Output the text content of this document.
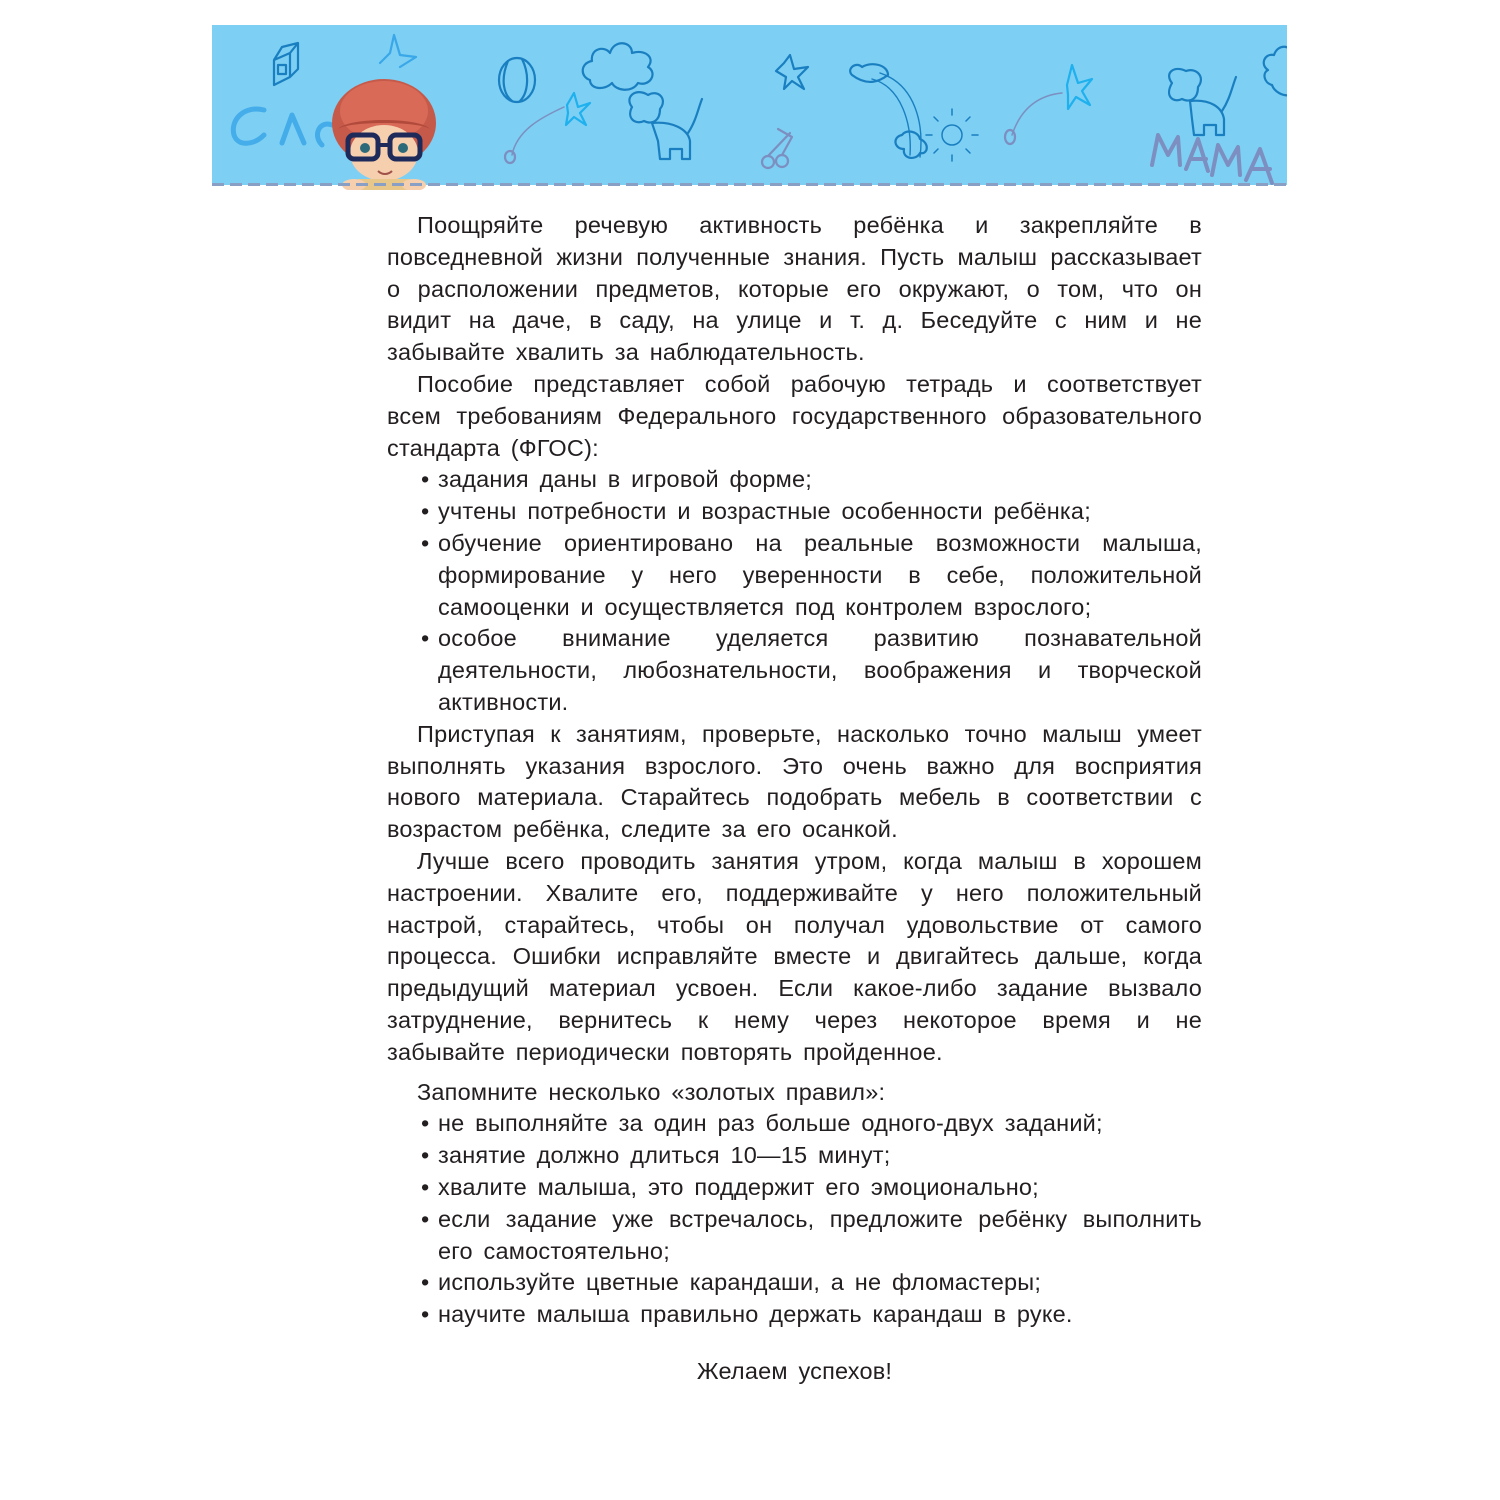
Поощряйте речевую активность ребёнка и закрепляйте в повседневной жизни полученные знания. Пусть малыш рассказывает о расположении предметов, которые его окружают, о том, что он видит на даче, в саду, на улице и т. д. Беседуйте с ним и не забывайте хвалить за наблюдательность.

Пособие представляет собой рабочую тетрадь и соответствует всем требованиям Федерального государственного образовательного стандарта (ФГОС):

• задания даны в игровой форме;
• учтены потребности и возрастные особенности ребёнка;
• обучение ориентировано на реальные возможности малыша, формирование у него уверенности в себе, положительной самооценки и осуществляется под контролем взрослого;
• особое внимание уделяется развитию познавательной деятельности, любознательности, воображения и творческой активности.

Приступая к занятиям, проверьте, насколько точно малыш умеет выполнять указания взрослого. Это очень важно для восприятия нового материала. Старайтесь подобрать мебель в соответствии с возрастом ребёнка, следите за его осанкой.

Лучше всего проводить занятия утром, когда малыш в хорошем настроении. Хвалите его, поддерживайте у него положительный настрой, старайтесь, чтобы он получал удовольствие от самого процесса. Ошибки исправляйте вместе и двигайтесь дальше, когда предыдущий материал усвоен. Если какое-либо задание вызвало затруднение, вернитесь к нему через некоторое время и не забывайте периодически повторять пройденное.

Запомните несколько «золотых правил»:

• не выполняйте за один раз больше одного-двух заданий;
• занятие должно длиться 10—15 минут;
• хвалите малыша, это поддержит его эмоционально;
• если задание уже встречалось, предложите ребёнку выполнить его самостоятельно;
• используйте цветные карандаши, а не фломастеры;
• научите малыша правильно держать карандаш в руке.

Желаем успехов!
